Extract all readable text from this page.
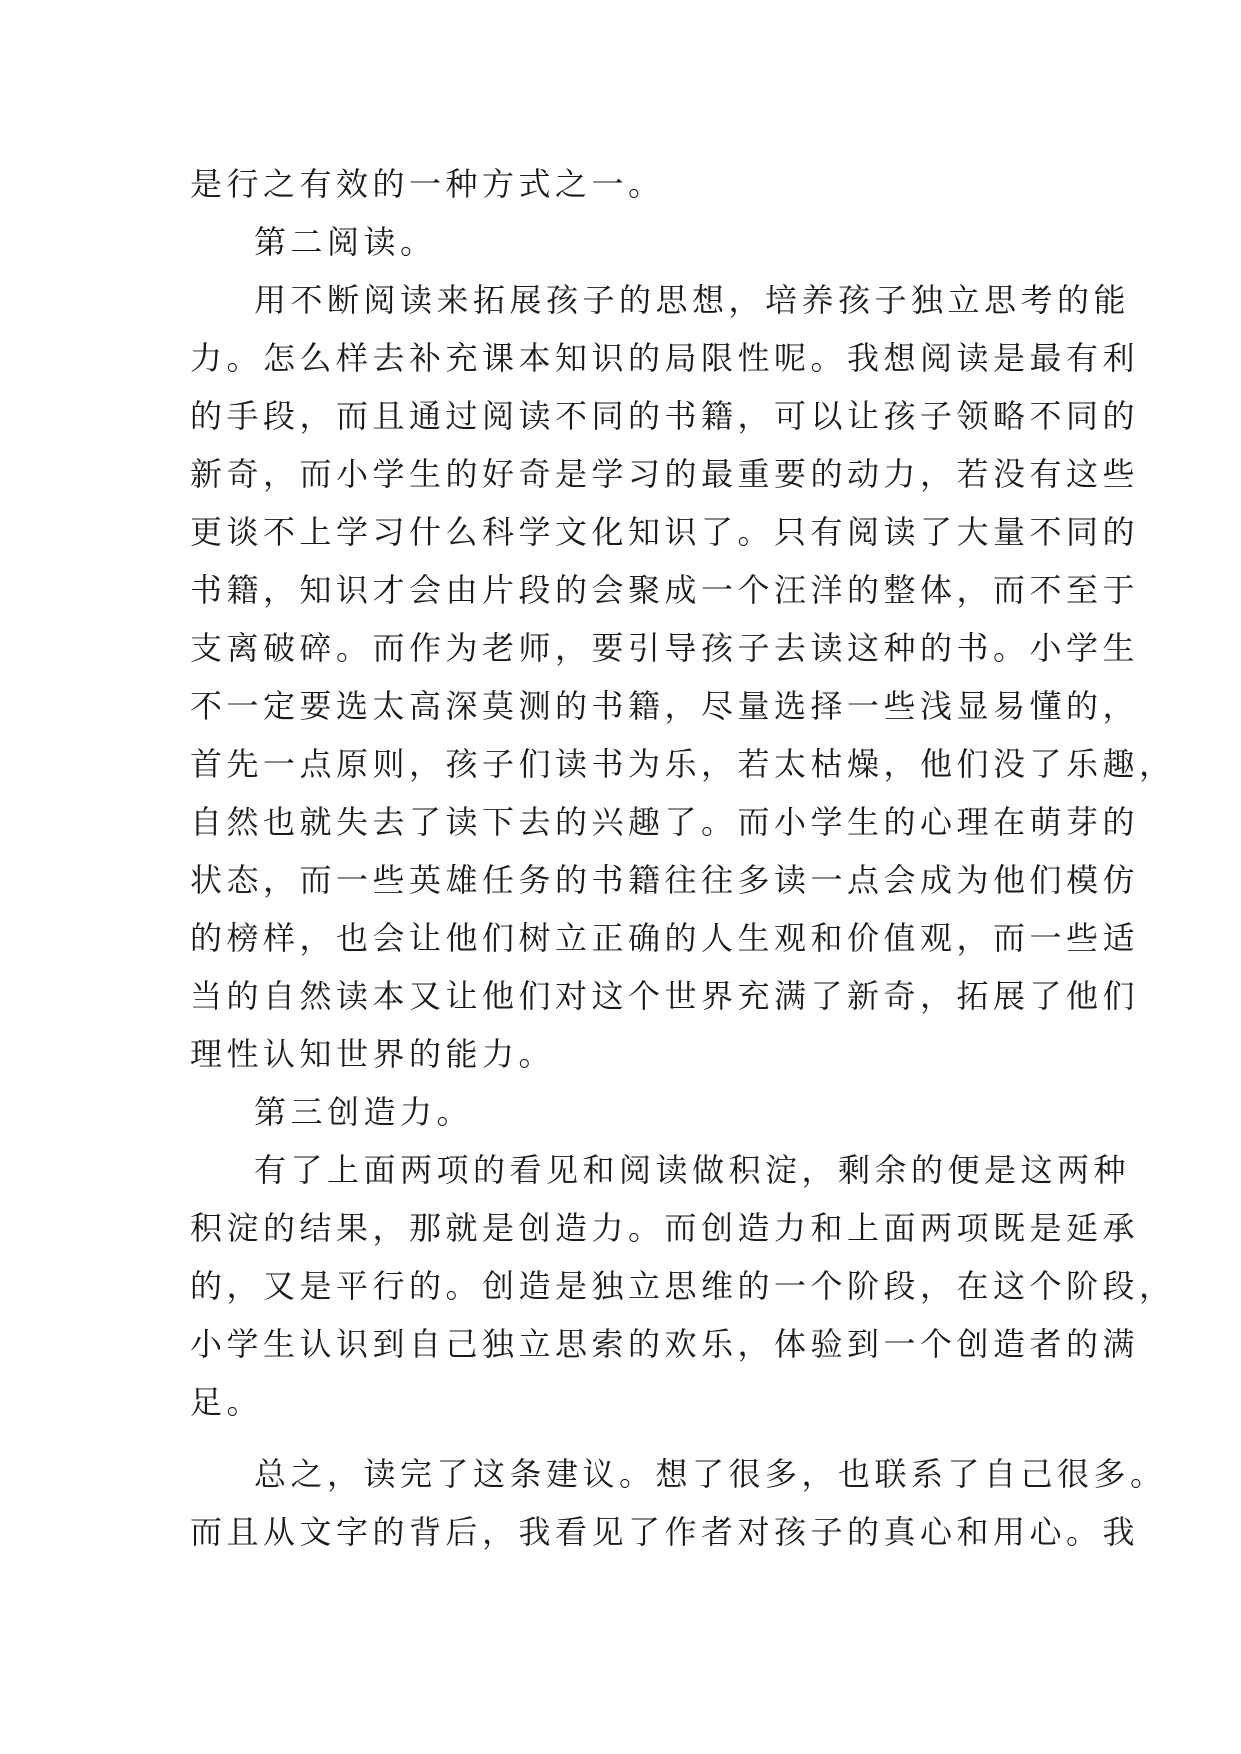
是行之有效的一种方式之一。
第二阅读。
用不断阅读来拓展孩子的思想，培养孩子独立思考的能
力。怎么样去补充课本知识的局限性呢。我想阅读是最有利
的手段，而且通过阅读不同的书籍，可以让孩子领略不同的
新奇，而小学生的好奇是学习的最重要的动力，若没有这些
更谈不上学习什么科学文化知识了。只有阅读了大量不同的
书籍，知识才会由片段的会聚成一个汪洋的整体，而不至于
支离破碎。而作为老师，要引导孩子去读这种的书。小学生
不一定要选太高深莫测的书籍，尽量选择一些浅显易懂的，
首先一点原则，孩子们读书为乐，若太枯燥，他们没了乐趣，
自然也就失去了读下去的兴趣了。而小学生的心理在萌芽的
状态，而一些英雄任务的书籍往往多读一点会成为他们模仿
的榜样，也会让他们树立正确的人生观和价值观，而一些适
当的自然读本又让他们对这个世界充满了新奇，拓展了他们
理性认知世界的能力。
第三创造力。
有了上面两项的看见和阅读做积淀，剩余的便是这两种
积淀的结果，那就是创造力。而创造力和上面两项既是延承
的，又是平行的。创造是独立思维的一个阶段，在这个阶段，
小学生认识到自己独立思索的欢乐，体验到一个创造者的满
足。
总之，读完了这条建议。想了很多，也联系了自己很多。
而且从文字的背后，我看见了作者对孩子的真心和用心。我
